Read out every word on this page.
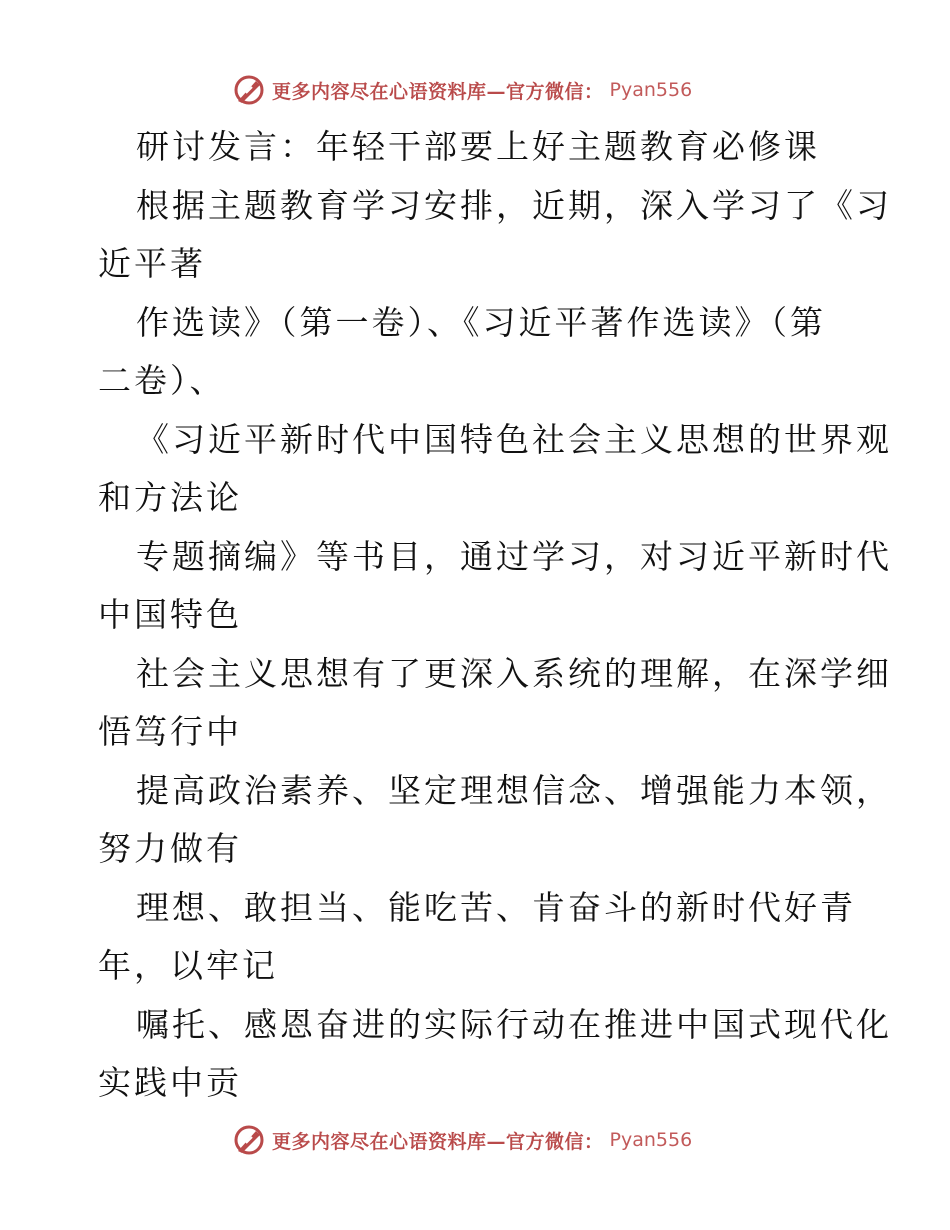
更多内容尽在心语资料库—官方微信： Pyan556
研讨发言：年轻干部要上好主题教育必修课
根据主题教育学习安排，近期，深入学习了《习
近平著
作选读》（第一卷）、《习近平著作选读》（第
二卷）、
《习近平新时代中国特色社会主义思想的世界观
和方法论
专题摘编》等书目，通过学习，对习近平新时代
中国特色
社会主义思想有了更深入系统的理解，在深学细
悟笃行中
提高政治素养、坚定理想信念、增强能力本领，
努力做有
理想、敢担当、能吃苦、肯奋斗的新时代好青
年，以牢记
嘱托、感恩奋进的实际行动在推进中国式现代化
实践中贡
更多内容尽在心语资料库—官方微信： Pyan556
